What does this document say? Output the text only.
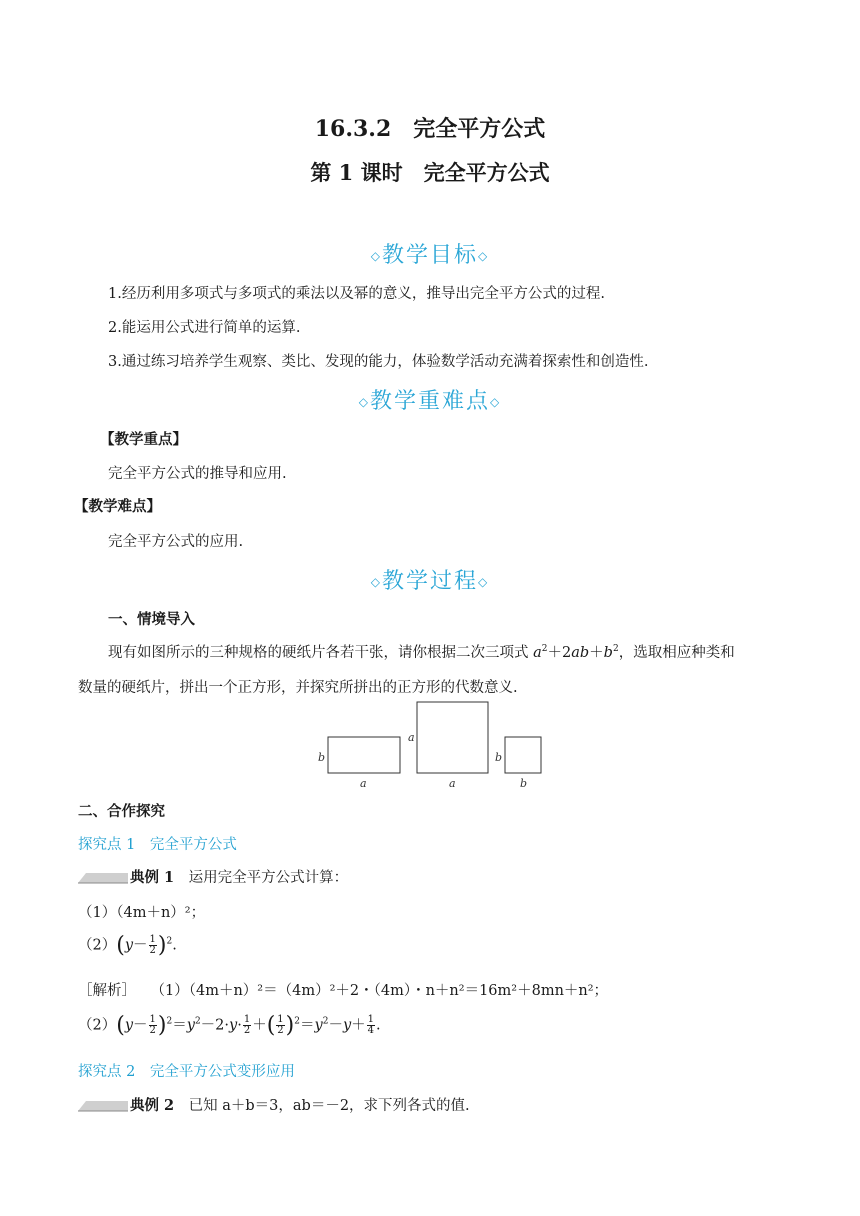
16.3.2　完全平方公式
第 1 课时　完全平方公式
◇教学目标◇
1.经历利用多项式与多项式的乘法以及幂的意义，推导出完全平方公式的过程.
2.能运用公式进行简单的运算.
3.通过练习培养学生观察、类比、发现的能力，体验数学活动充满着探索性和创造性.
◇教学重难点◇
【教学重点】
完全平方公式的推导和应用.
【教学难点】
完全平方公式的应用.
◇教学过程◇
一、情境导入
现有如图所示的三种规格的硬纸片各若干张，请你根据二次三项式 $a^2+2ab+b^2$，选取相应种类和
数量的硬纸片，拼出一个正方形，并探究所拼出的正方形的代数意义.
b
a
a
a
b
b
二、合作探究
探究点 1　完全平方公式
典例 1　 运用完全平方公式计算：
（1）（4m＋n）²；
$(2)(y- \frac{1}{2} )^2$.
［解析］　　 （1）（4m＋n）²＝（4m）²＋2・（4m）・n＋n²＝16m²＋8mn＋n²；
$(2)(y- \frac{1}{2} )^2=y^2-2\cdot y\cdot \frac{1}{2}$ ＋( $\frac{1}{2} )^2=y^2-y+ \frac{1}{4}$ .
探究点 2　完全平方公式变形应用
典例 2　 已知 a＋b＝3，ab＝－2，求下列各式的值.
